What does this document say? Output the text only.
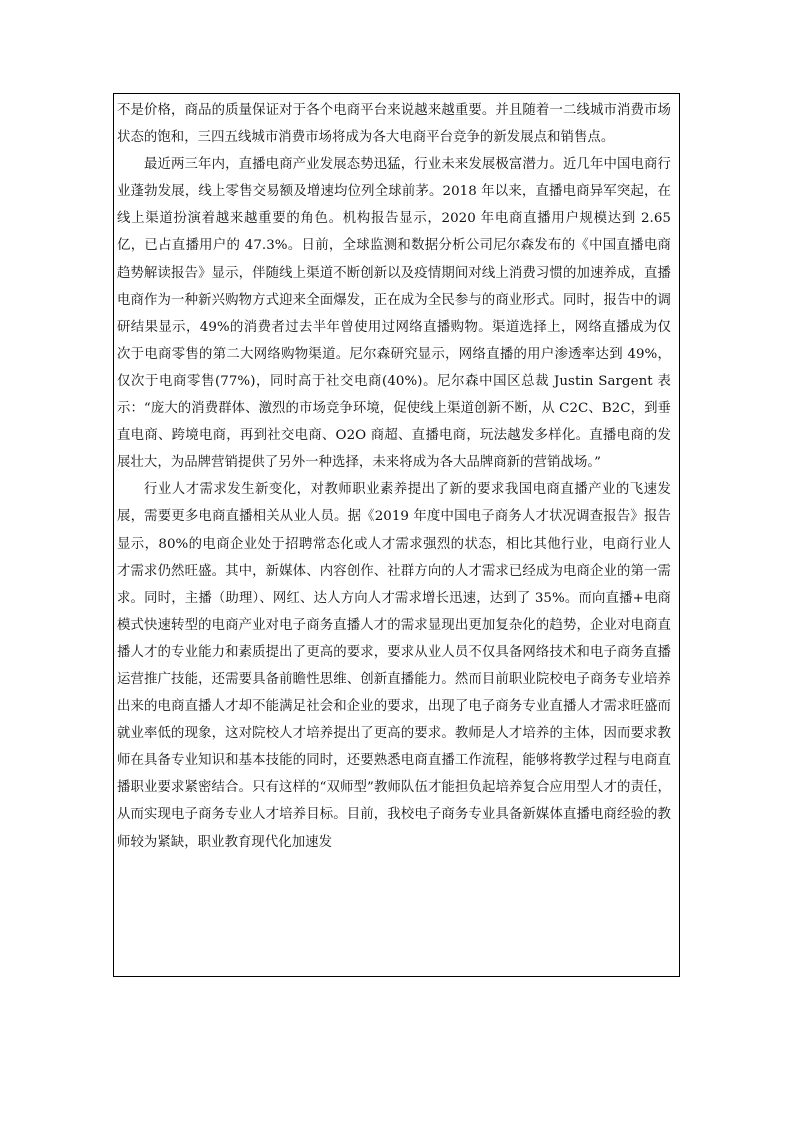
不是价格，商品的质量保证对于各个电商平台来说越来越重要。并且随着一二线城市消费市场状态的饱和，三四五线城市消费市场将成为各大电商平台竞争的新发展点和销售点。

最近两三年内，直播电商产业发展态势迅猛，行业未来发展极富潜力。近几年中国电商行业蓬勃发展，线上零售交易额及增速均位列全球前茅。2018 年以来，直播电商异军突起，在线上渠道扮演着越来越重要的角色。机构报告显示，2020 年电商直播用户规模达到 2.65 亿，已占直播用户的 47.3%。日前，全球监测和数据分析公司尼尔森发布的《中国直播电商趋势解读报告》显示，伴随线上渠道不断创新以及疫情期间对线上消费习惯的加速养成，直播电商作为一种新兴购物方式迎来全面爆发，正在成为全民参与的商业形式。同时，报告中的调研结果显示，49%的消费者过去半年曾使用过网络直播购物。渠道选择上，网络直播成为仅次于电商零售的第二大网络购物渠道。尼尔森研究显示，网络直播的用户渗透率达到 49%，仅次于电商零售(77%)，同时高于社交电商(40%)。尼尔森中国区总裁 Justin Sargent 表示：“庞大的消费群体、激烈的市场竞争环境，促使线上渠道创新不断，从 C2C、B2C，到垂直电商、跨境电商，再到社交电商、O2O 商超、直播电商，玩法越发多样化。直播电商的发展壮大，为品牌营销提供了另外一种选择，未来将成为各大品牌商新的营销战场。”

行业人才需求发生新变化，对教师职业素养提出了新的要求我国电商直播产业的飞速发展，需要更多电商直播相关从业人员。据《2019 年度中国电子商务人才状况调查报告》报告显示，80%的电商企业处于招聘常态化或人才需求强烈的状态，相比其他行业，电商行业人才需求仍然旺盛。其中，新媒体、内容创作、社群方向的人才需求已经成为电商企业的第一需求。同时，主播（助理）、网红、达人方向人才需求增长迅速，达到了 35%。而向直播+电商模式快速转型的电商产业对电子商务直播人才的需求显现出更加复杂化的趋势，企业对电商直播人才的专业能力和素质提出了更高的要求，要求从业人员不仅具备网络技术和电子商务直播运营推广技能，还需要具备前瞻性思维、创新直播能力。然而目前职业院校电子商务专业培养出来的电商直播人才却不能满足社会和企业的要求，出现了电子商务专业直播人才需求旺盛而就业率低的现象，这对院校人才培养提出了更高的要求。教师是人才培养的主体，因而要求教师在具备专业知识和基本技能的同时，还要熟悉电商直播工作流程，能够将教学过程与电商直播职业要求紧密结合。只有这样的“双师型”教师队伍才能担负起培养复合应用型人才的责任，从而实现电子商务专业人才培养目标。目前，我校电子商务专业具备新媒体直播电商经验的教师较为紧缺，职业教育现代化加速发
